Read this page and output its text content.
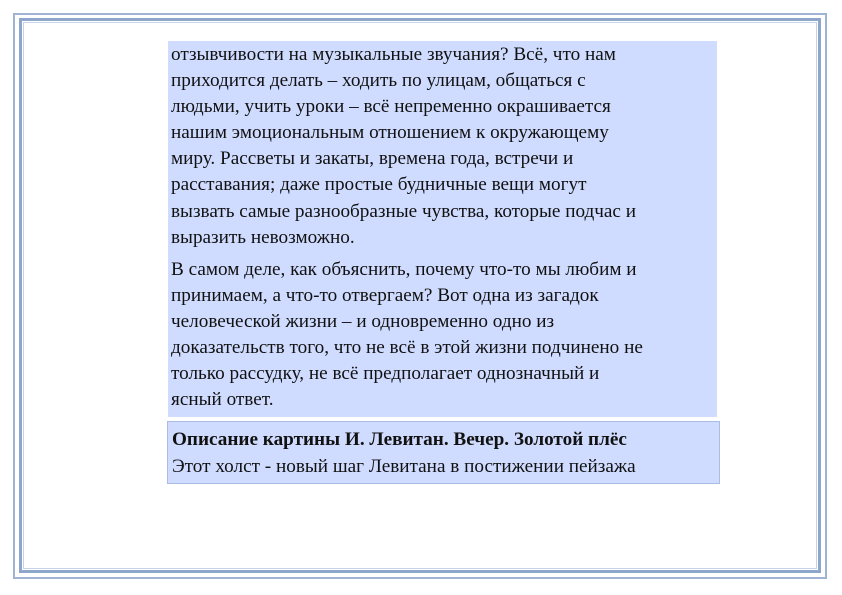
отзывчивости на музыкальные звучания? Всё, что нам
приходится делать – ходить по улицам, общаться с
людьми, учить уроки – всё непременно окрашивается
нашим эмоциональным отношением к окружающему
миру. Рассветы и закаты, времена года, встречи и
расставания; даже простые будничные вещи могут
вызвать самые разнообразные чувства, которые подчас и
выразить невозможно.

В самом деле, как объяснить, почему что-то мы любим и
принимаем, а что-то отвергаем? Вот одна из загадок
человеческой жизни – и одновременно одно из
доказательств того, что не всё в этой жизни подчинено не
только рассудку, не всё предполагает однозначный и
ясный ответ.

Описание картины И. Левитан. Вечер. Золотой плёс
Этот холст - новый шаг Левитана в постижении пейзажа
